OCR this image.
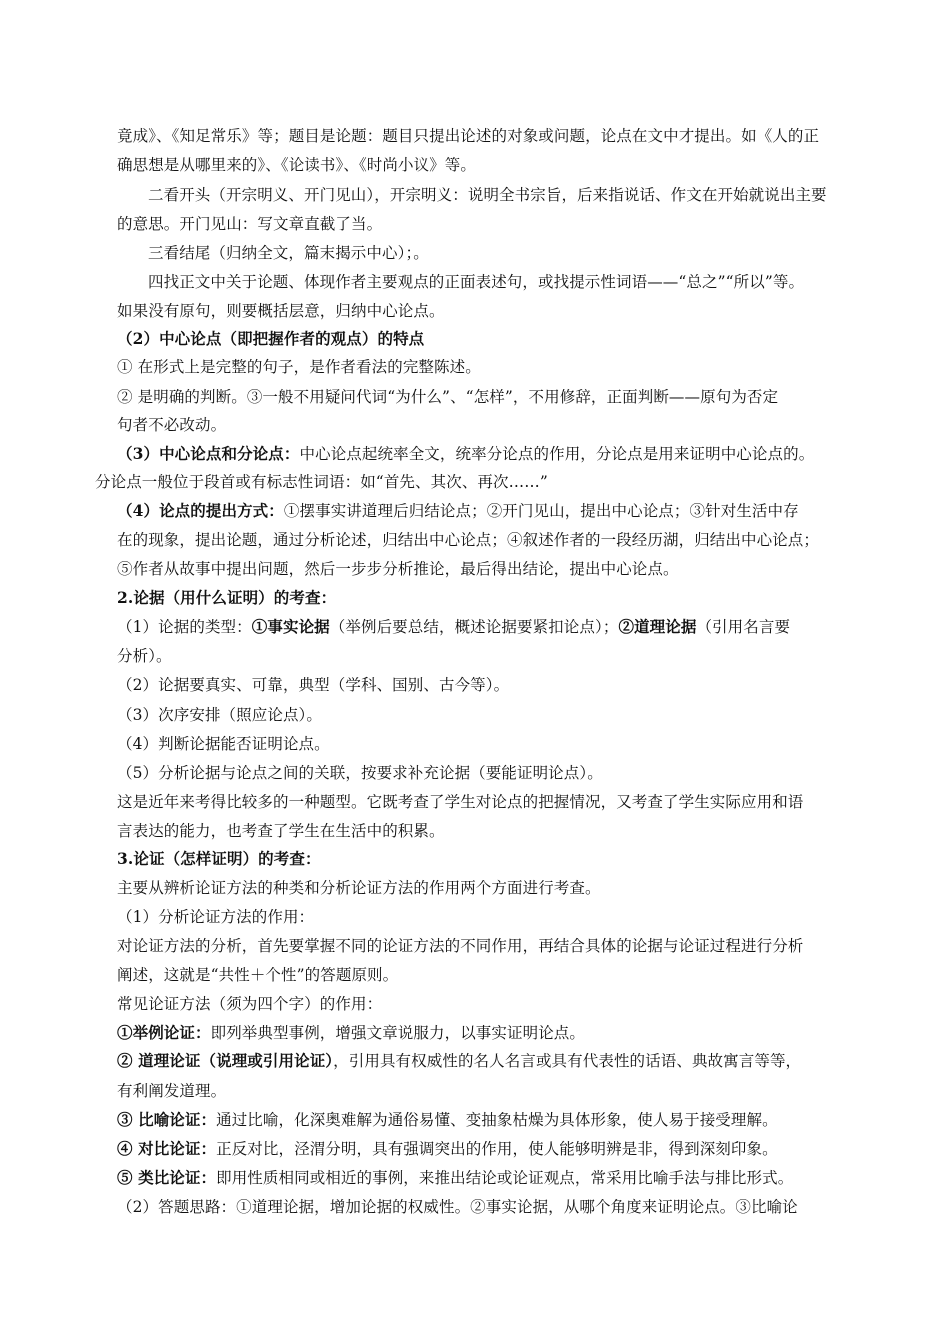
竟成》、《知足常乐》等；题目是论题：题目只提出论述的对象或问题，论点在文中才提出。如《人的正
确思想是从哪里来的》、《论读书》、《时尚小议》等。
二看开头（开宗明义、开门见山），开宗明义：说明全书宗旨，后来指说话、作文在开始就说出主要
的意思。开门见山：写文章直截了当。
三看结尾（归纳全文，篇末揭示中心）；。
四找正文中关于论题、体现作者主要观点的正面表述句，或找提示性词语——“总之”“所以”等。
如果没有原句，则要概括层意，归纳中心论点。
（2）中心论点（即把握作者的观点）的特点
① 在形式上是完整的句子，是作者看法的完整陈述。
② 是明确的判断。③一般不用疑问代词“为什么”、“怎样”，不用修辞，正面判断——原句为否定
句者不必改动。
（3）中心论点和分论点：中心论点起统率全文，统率分论点的作用，分论点是用来证明中心论点的。
分论点一般位于段首或有标志性词语：如“首先、其次、再次……”
（4）论点的提出方式：①摆事实讲道理后归结论点；②开门见山，提出中心论点；③针对生活中存
在的现象，提出论题，通过分析论述，归结出中心论点；④叙述作者的一段经历湖，归结出中心论点；
⑤作者从故事中提出问题，然后一步步分析推论，最后得出结论，提出中心论点。
2.论据（用什么证明）的考查：
（1）论据的类型：①事实论据（举例后要总结，概述论据要紧扣论点）；②道理论据（引用名言要
分析）。
（2）论据要真实、可靠，典型（学科、国别、古今等）。
（3）次序安排（照应论点）。
（4）判断论据能否证明论点。
（5）分析论据与论点之间的关联，按要求补充论据（要能证明论点）。
这是近年来考得比较多的一种题型。它既考查了学生对论点的把握情况，又考查了学生实际应用和语
言表达的能力，也考查了学生在生活中的积累。
3.论证（怎样证明）的考查：
主要从辨析论证方法的种类和分析论证方法的作用两个方面进行考查。
（1）分析论证方法的作用：
对论证方法的分析，首先要掌握不同的论证方法的不同作用，再结合具体的论据与论证过程进行分析
阐述，这就是“共性＋个性”的答题原则。
常见论证方法（须为四个字）的作用：
①举例论证：即列举典型事例，增强文章说服力，以事实证明论点。
② 道理论证（说理或引用论证），引用具有权威性的名人名言或具有代表性的话语、典故寓言等等，
有利阐发道理。
③ 比喻论证：通过比喻，化深奥难解为通俗易懂、变抽象枯燥为具体形象，使人易于接受理解。
④ 对比论证：正反对比，泾渭分明，具有强调突出的作用，使人能够明辨是非，得到深刻印象。
⑤ 类比论证：即用性质相同或相近的事例，来推出结论或论证观点，常采用比喻手法与排比形式。
（2）答题思路：①道理论据，增加论据的权威性。②事实论据，从哪个角度来证明论点。③比喻论
